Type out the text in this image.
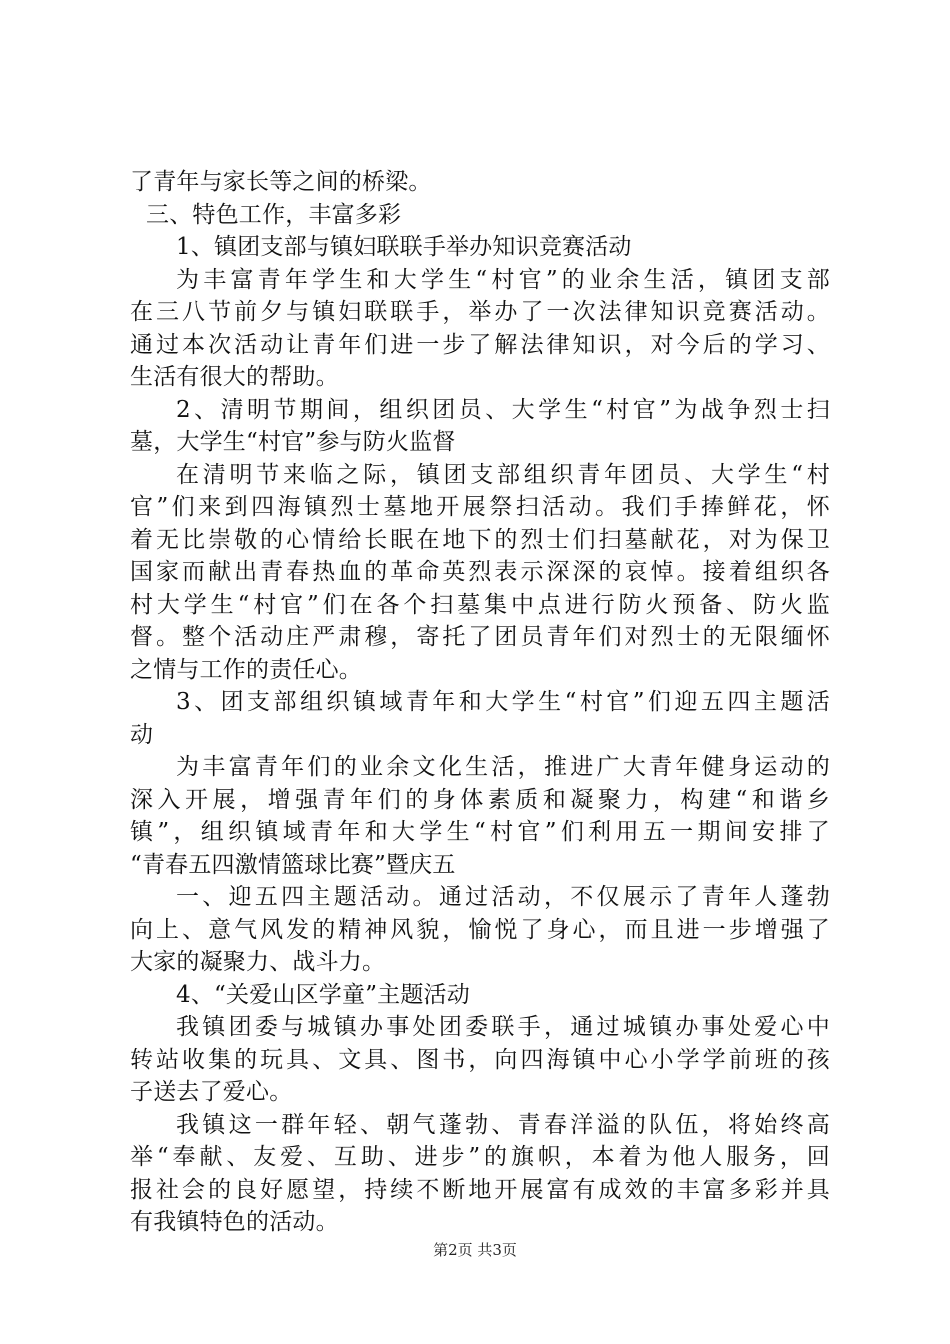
了青年与家长等之间的桥梁。
三、特色工作，丰富多彩
1、镇团支部与镇妇联联手举办知识竞赛活动
为丰富青年学生和大学生“村官”的业余生活，镇团支部
在三八节前夕与镇妇联联手，举办了一次法律知识竞赛活动。
通过本次活动让青年们进一步了解法律知识，对今后的学习、
生活有很大的帮助。
2、清明节期间，组织团员、大学生“村官”为战争烈士扫
墓，大学生“村官”参与防火监督
在清明节来临之际，镇团支部组织青年团员、大学生“村
官”们来到四海镇烈士墓地开展祭扫活动。我们手捧鲜花，怀
着无比崇敬的心情给长眠在地下的烈士们扫墓献花，对为保卫
国家而献出青春热血的革命英烈表示深深的哀悼。接着组织各
村大学生“村官”们在各个扫墓集中点进行防火预备、防火监
督。整个活动庄严肃穆，寄托了团员青年们对烈士的无限缅怀
之情与工作的责任心。
3、团支部组织镇域青年和大学生“村官”们迎五四主题活
动
为丰富青年们的业余文化生活，推进广大青年健身运动的
深入开展，增强青年们的身体素质和凝聚力，构建“和谐乡
镇”，组织镇域青年和大学生“村官”们利用五一期间安排了
“青春五四激情篮球比赛”暨庆五
一、迎五四主题活动。通过活动，不仅展示了青年人蓬勃
向上、意气风发的精神风貌，愉悦了身心，而且进一步增强了
大家的凝聚力、战斗力。
4、“关爱山区学童”主题活动
我镇团委与城镇办事处团委联手，通过城镇办事处爱心中
转站收集的玩具、文具、图书，向四海镇中心小学学前班的孩
子送去了爱心。
我镇这一群年轻、朝气蓬勃、青春洋溢的队伍，将始终高
举“奉献、友爱、互助、进步”的旗帜，本着为他人服务，回
报社会的良好愿望，持续不断地开展富有成效的丰富多彩并具
有我镇特色的活动。
第2页 共3页
